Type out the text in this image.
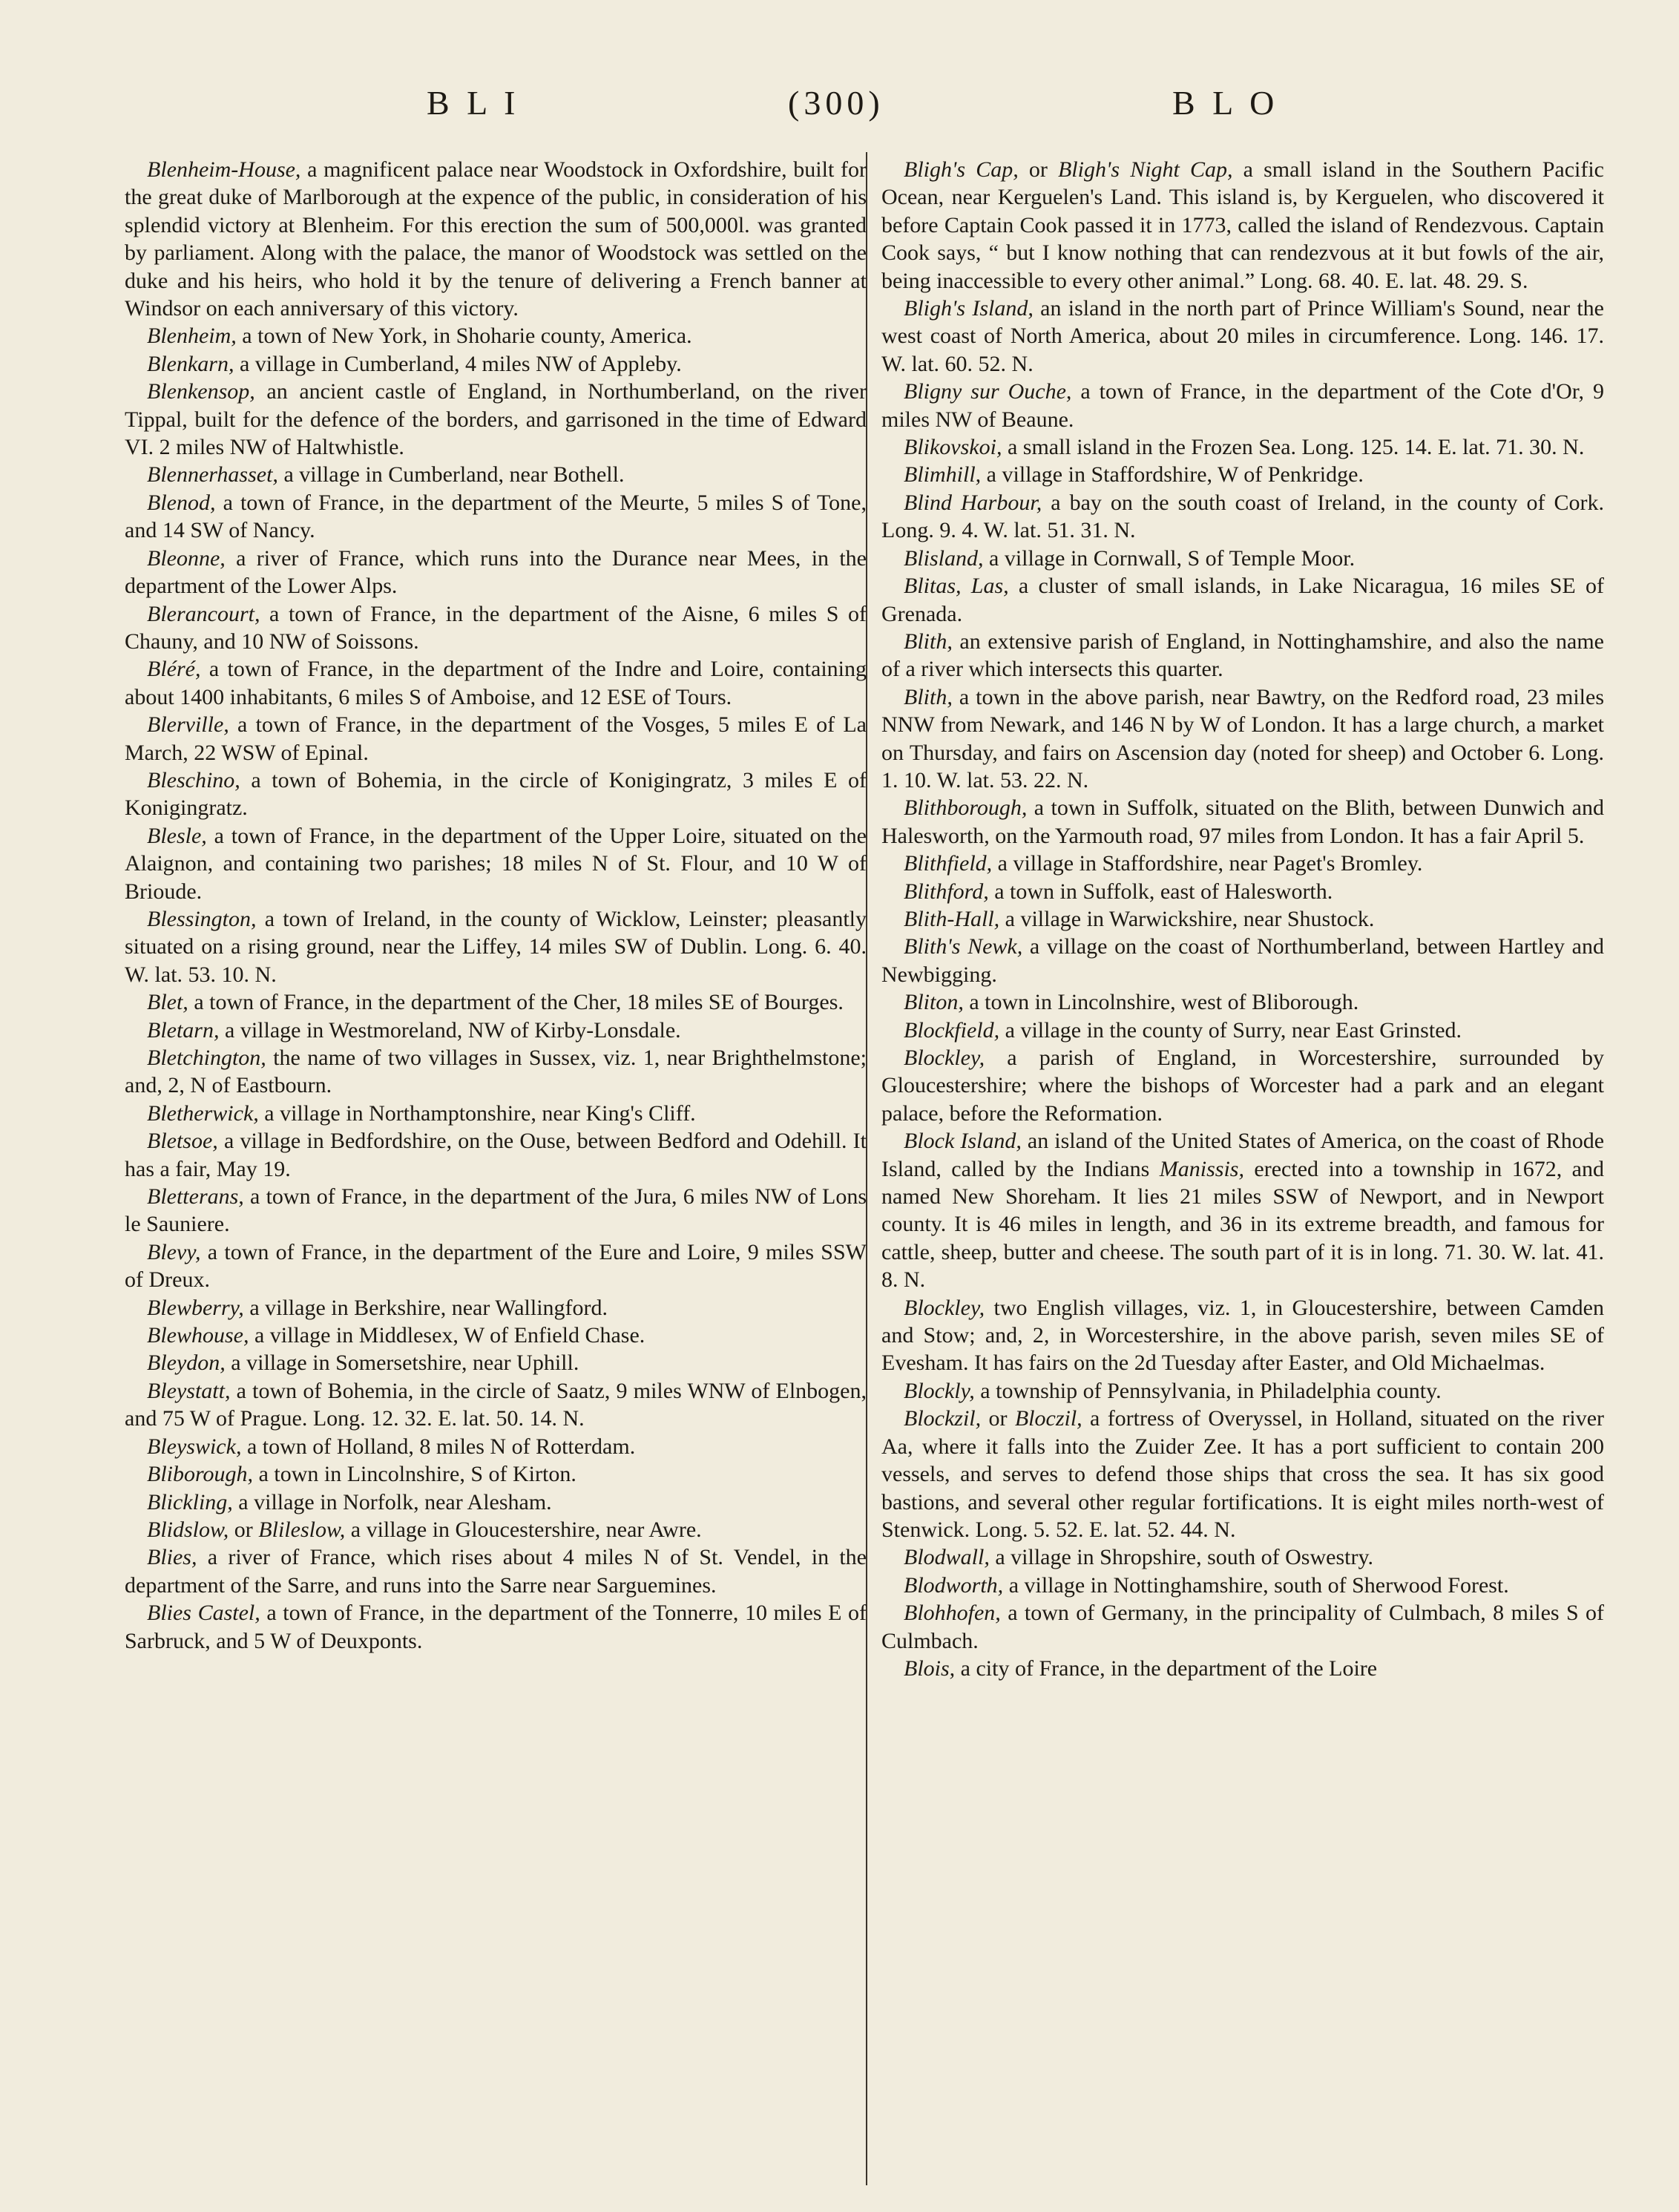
B L I	(300)	B L O

Blenheim-House, a magnificent palace near Woodstock in Oxfordshire, built for the great duke of Marlborough at the expence of the public, in consideration of his splendid victory at Blenheim. For this erection the sum of 500,000l. was granted by parliament. Along with the palace, the manor of Woodstock was settled on the duke and his heirs, who hold it by the tenure of delivering a French banner at Windsor on each anniversary of this victory.

Blenheim, a town of New York, in Shoharie county, America.

Blenkarn, a village in Cumberland, 4 miles NW of Appleby.

Blenkensop, an ancient castle of England, in Northumberland, on the river Tippal, built for the defence of the borders, and garrisoned in the time of Edward VI. 2 miles NW of Haltwhistle.

Blennerhasset, a village in Cumberland, near Bothell.

Blenod, a town of France, in the department of the Meurte, 5 miles S of Tone, and 14 SW of Nancy.

Bleonne, a river of France, which runs into the Durance near Mees, in the department of the Lower Alps.

Blerancourt, a town of France, in the department of the Aisne, 6 miles S of Chauny, and 10 NW of Soissons.

Bléré, a town of France, in the department of the Indre and Loire, containing about 1400 inhabitants, 6 miles S of Amboise, and 12 ESE of Tours.

Blerville, a town of France, in the department of the Vosges, 5 miles E of La March, 22 WSW of Epinal.

Bleschino, a town of Bohemia, in the circle of Konigingratz, 3 miles E of Konigingratz.

Blesle, a town of France, in the department of the Upper Loire, situated on the Alaignon, and containing two parishes; 18 miles N of St. Flour, and 10 W of Brioude.

Blessington, a town of Ireland, in the county of Wicklow, Leinster; pleasantly situated on a rising ground, near the Liffey, 14 miles SW of Dublin. Long. 6. 40. W. lat. 53. 10. N.

Blet, a town of France, in the department of the Cher, 18 miles SE of Bourges.

Bletarn, a village in Westmoreland, NW of Kirby-Lonsdale.

Bletchington, the name of two villages in Sussex, viz. 1, near Brighthelmstone; and, 2, N of Eastbourn.

Bletherwick, a village in Northamptonshire, near King's Cliff.

Bletsoe, a village in Bedfordshire, on the Ouse, between Bedford and Odehill. It has a fair, May 19.

Bletterans, a town of France, in the department of the Jura, 6 miles NW of Lons le Sauniere.

Blevy, a town of France, in the department of the Eure and Loire, 9 miles SSW of Dreux.

Blewberry, a village in Berkshire, near Wallingford.

Blewhouse, a village in Middlesex, W of Enfield Chase.

Bleydon, a village in Somersetshire, near Uphill.

Bleystatt, a town of Bohemia, in the circle of Saatz, 9 miles WNW of Elnbogen, and 75 W of Prague. Long. 12. 32. E. lat. 50. 14. N.

Bleyswick, a town of Holland, 8 miles N of Rotterdam.

Bliborough, a town in Lincolnshire, S of Kirton.

Blickling, a village in Norfolk, near Alesham.

Blidslow, or Blileslow, a village in Gloucestershire, near Awre.

Blies, a river of France, which rises about 4 miles N of St. Vendel, in the department of the Sarre, and runs into the Sarre near Sarguemines.

Blies Castel, a town of France, in the department of the Tonnerre, 10 miles E of Sarbruck, and 5 W of Deuxponts.

Bligh's Cap, or Bligh's Night Cap, a small island in the Southern Pacific Ocean, near Kerguelen's Land. This island is, by Kerguelen, who discovered it before Captain Cook passed it in 1773, called the island of Rendezvous. Captain Cook says, “ but I know nothing that can rendezvous at it but fowls of the air, being inaccessible to every other animal.” Long. 68. 40. E. lat. 48. 29. S.

Bligh's Island, an island in the north part of Prince William's Sound, near the west coast of North America, about 20 miles in circumference. Long. 146. 17. W. lat. 60. 52. N.

Bligny sur Ouche, a town of France, in the department of the Cote d'Or, 9 miles NW of Beaune.

Blikovskoi, a small island in the Frozen Sea. Long. 125. 14. E. lat. 71. 30. N.

Blimhill, a village in Staffordshire, W of Penkridge.

Blind Harbour, a bay on the south coast of Ireland, in the county of Cork. Long. 9. 4. W. lat. 51. 31. N.

Blisland, a village in Cornwall, S of Temple Moor.

Blitas, Las, a cluster of small islands, in Lake Nicaragua, 16 miles SE of Grenada.

Blith, an extensive parish of England, in Nottinghamshire, and also the name of a river which intersects this quarter.

Blith, a town in the above parish, near Bawtry, on the Redford road, 23 miles NNW from Newark, and 146 N by W of London. It has a large church, a market on Thursday, and fairs on Ascension day (noted for sheep) and October 6. Long. 1. 10. W. lat. 53. 22. N.

Blithborough, a town in Suffolk, situated on the Blith, between Dunwich and Halesworth, on the Yarmouth road, 97 miles from London. It has a fair April 5.

Blithfield, a village in Staffordshire, near Paget's Bromley.

Blithford, a town in Suffolk, east of Halesworth.

Blith-Hall, a village in Warwickshire, near Shustock.

Blith's Newk, a village on the coast of Northumberland, between Hartley and Newbigging.

Bliton, a town in Lincolnshire, west of Bliborough.

Blockfield, a village in the county of Surry, near East Grinsted.

Blockley, a parish of England, in Worcestershire, surrounded by Gloucestershire; where the bishops of Worcester had a park and an elegant palace, before the Reformation.

Block Island, an island of the United States of America, on the coast of Rhode Island, called by the Indians Manissis, erected into a township in 1672, and named New Shoreham. It lies 21 miles SSW of Newport, and in Newport county. It is 46 miles in length, and 36 in its extreme breadth, and famous for cattle, sheep, butter and cheese. The south part of it is in long. 71. 30. W. lat. 41. 8. N.

Blockley, two English villages, viz. 1, in Gloucestershire, between Camden and Stow; and, 2, in Worcestershire, in the above parish, seven miles SE of Evesham. It has fairs on the 2d Tuesday after Easter, and Old Michaelmas.

Blockly, a township of Pennsylvania, in Philadelphia county.

Blockzil, or Bloczil, a fortress of Overyssel, in Holland, situated on the river Aa, where it falls into the Zuider Zee. It has a port sufficient to contain 200 vessels, and serves to defend those ships that cross the sea. It has six good bastions, and several other regular fortifications. It is eight miles north-west of Stenwick. Long. 5. 52. E. lat. 52. 44. N.

Blodwall, a village in Shropshire, south of Oswestry.

Blodworth, a village in Nottinghamshire, south of Sherwood Forest.

Blohhofen, a town of Germany, in the principality of Culmbach, 8 miles S of Culmbach.

Blois, a city of France, in the department of the Loire
